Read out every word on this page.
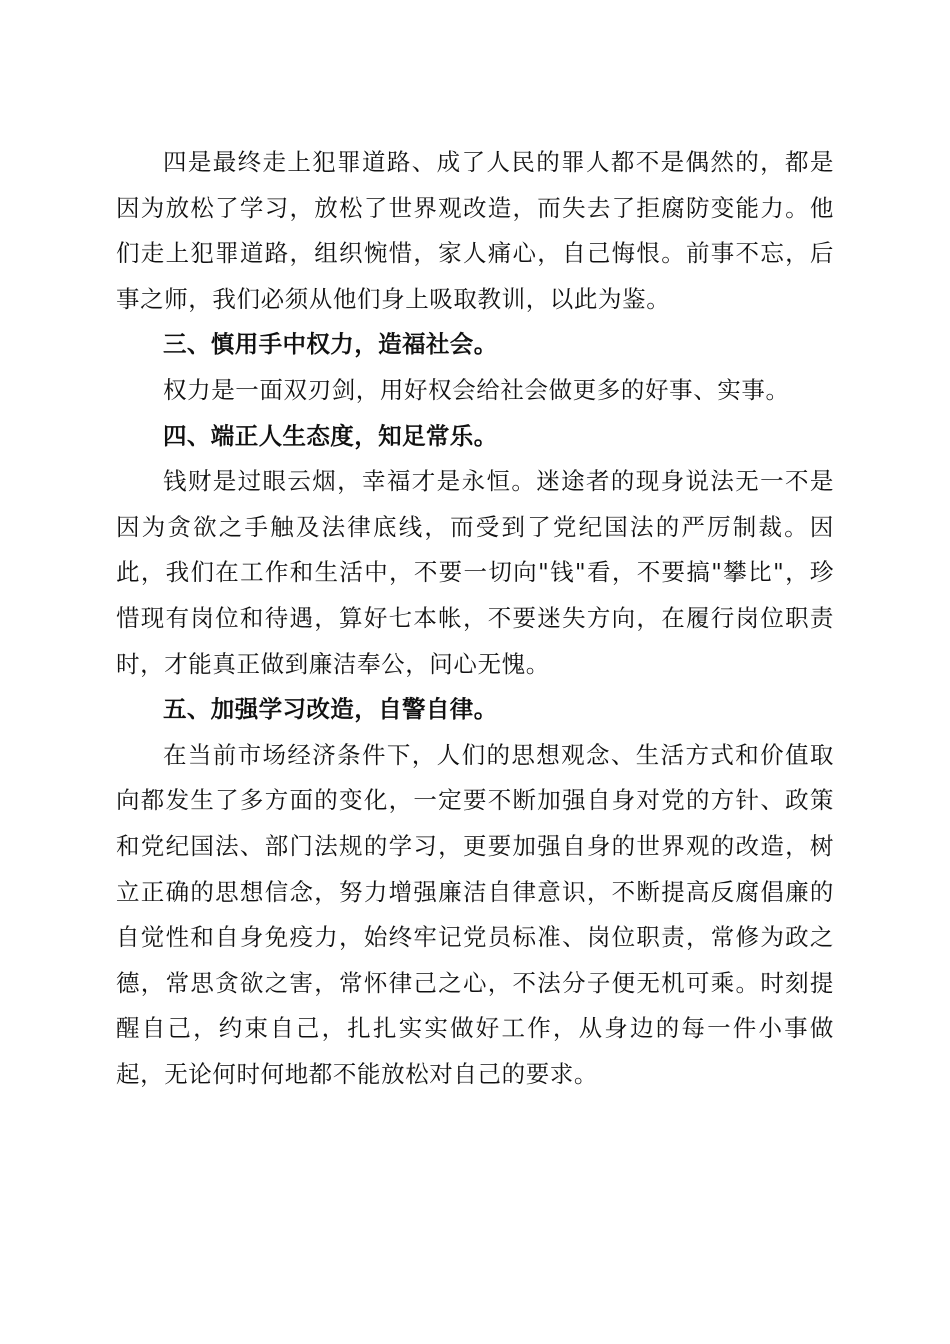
四是最终走上犯罪道路、成了人民的罪人都不是偶然的，都是因为放松了学习，放松了世界观改造，而失去了拒腐防变能力。他们走上犯罪道路，组织惋惜，家人痛心，自己悔恨。前事不忘，后事之师，我们必须从他们身上吸取教训，以此为鉴。

三、慎用手中权力，造福社会。

权力是一面双刃剑，用好权会给社会做更多的好事、实事。

四、端正人生态度，知足常乐。

钱财是过眼云烟，幸福才是永恒。迷途者的现身说法无一不是因为贪欲之手触及法律底线，而受到了党纪国法的严厉制裁。因此，我们在工作和生活中，不要一切向"钱"看，不要搞"攀比"，珍惜现有岗位和待遇，算好七本帐，不要迷失方向，在履行岗位职责时，才能真正做到廉洁奉公，问心无愧。

五、加强学习改造，自警自律。

在当前市场经济条件下，人们的思想观念、生活方式和价值取向都发生了多方面的变化，一定要不断加强自身对党的方针、政策和党纪国法、部门法规的学习，更要加强自身的世界观的改造，树立正确的思想信念，努力增强廉洁自律意识，不断提高反腐倡廉的自觉性和自身免疫力，始终牢记党员标准、岗位职责，常修为政之德，常思贪欲之害，常怀律己之心，不法分子便无机可乘。时刻提醒自己，约束自己，扎扎实实做好工作，从身边的每一件小事做起，无论何时何地都不能放松对自己的要求。
